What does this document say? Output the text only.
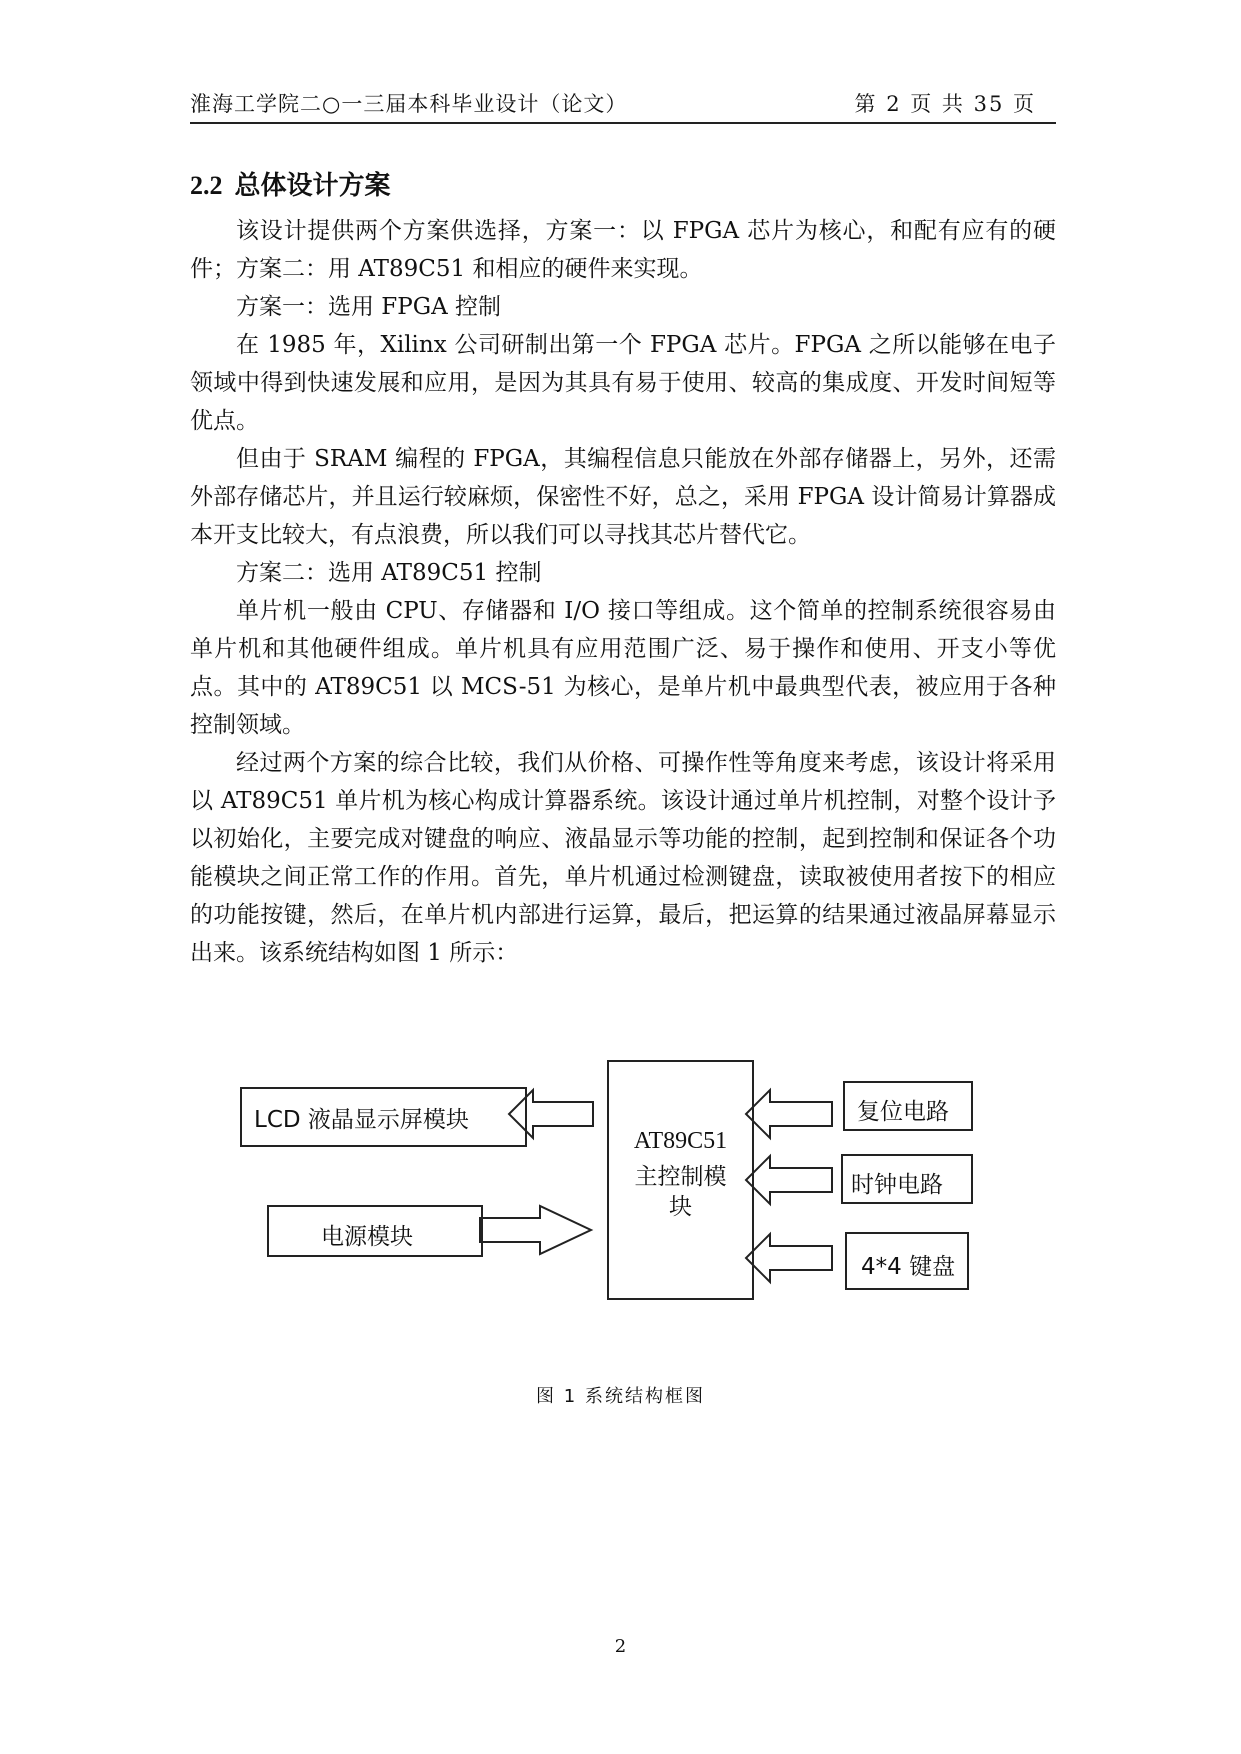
淮海工学院二○一三届本科毕业设计（论文）	第 2 页 共 35 页
2.2 总体设计方案

该设计提供两个方案供选择，方案一：以 FPGA 芯片为核心，和配有应有的硬件；方案二：用 AT89C51 和相应的硬件来实现。

方案一：选用 FPGA 控制

在 1985 年，Xilinx 公司研制出第一个 FPGA 芯片。FPGA 之所以能够在电子领域中得到快速发展和应用，是因为其具有易于使用、较高的集成度、开发时间短等优点。

但由于 SRAM 编程的 FPGA，其编程信息只能放在外部存储器上，另外，还需外部存储芯片，并且运行较麻烦，保密性不好，总之，采用 FPGA 设计简易计算器成本开支比较大，有点浪费，所以我们可以寻找其芯片替代它。

方案二：选用 AT89C51 控制

单片机一般由 CPU、存储器和 I/O 接口等组成。这个简单的控制系统很容易由单片机和其他硬件组成。单片机具有应用范围广泛、易于操作和使用、开支小等优点。其中的 AT89C51 以 MCS-51 为核心，是单片机中最典型代表，被应用于各种控制领域。

经过两个方案的综合比较，我们从价格、可操作性等角度来考虑，该设计将采用以 AT89C51 单片机为核心构成计算器系统。该设计通过单片机控制，对整个设计予以初始化，主要完成对键盘的响应、液晶显示等功能的控制，起到控制和保证各个功能模块之间正常工作的作用。首先，单片机通过检测键盘，读取被使用者按下的相应的功能按键，然后，在单片机内部进行运算，最后，把运算的结果通过液晶屏幕显示出来。该系统结构如图 1 所示：

LCD 液晶显示屏模块
电源模块
AT89C51
主控制模
块
复位电路
时钟电路
4*4 键盘
图 1 系统结构框图
2
